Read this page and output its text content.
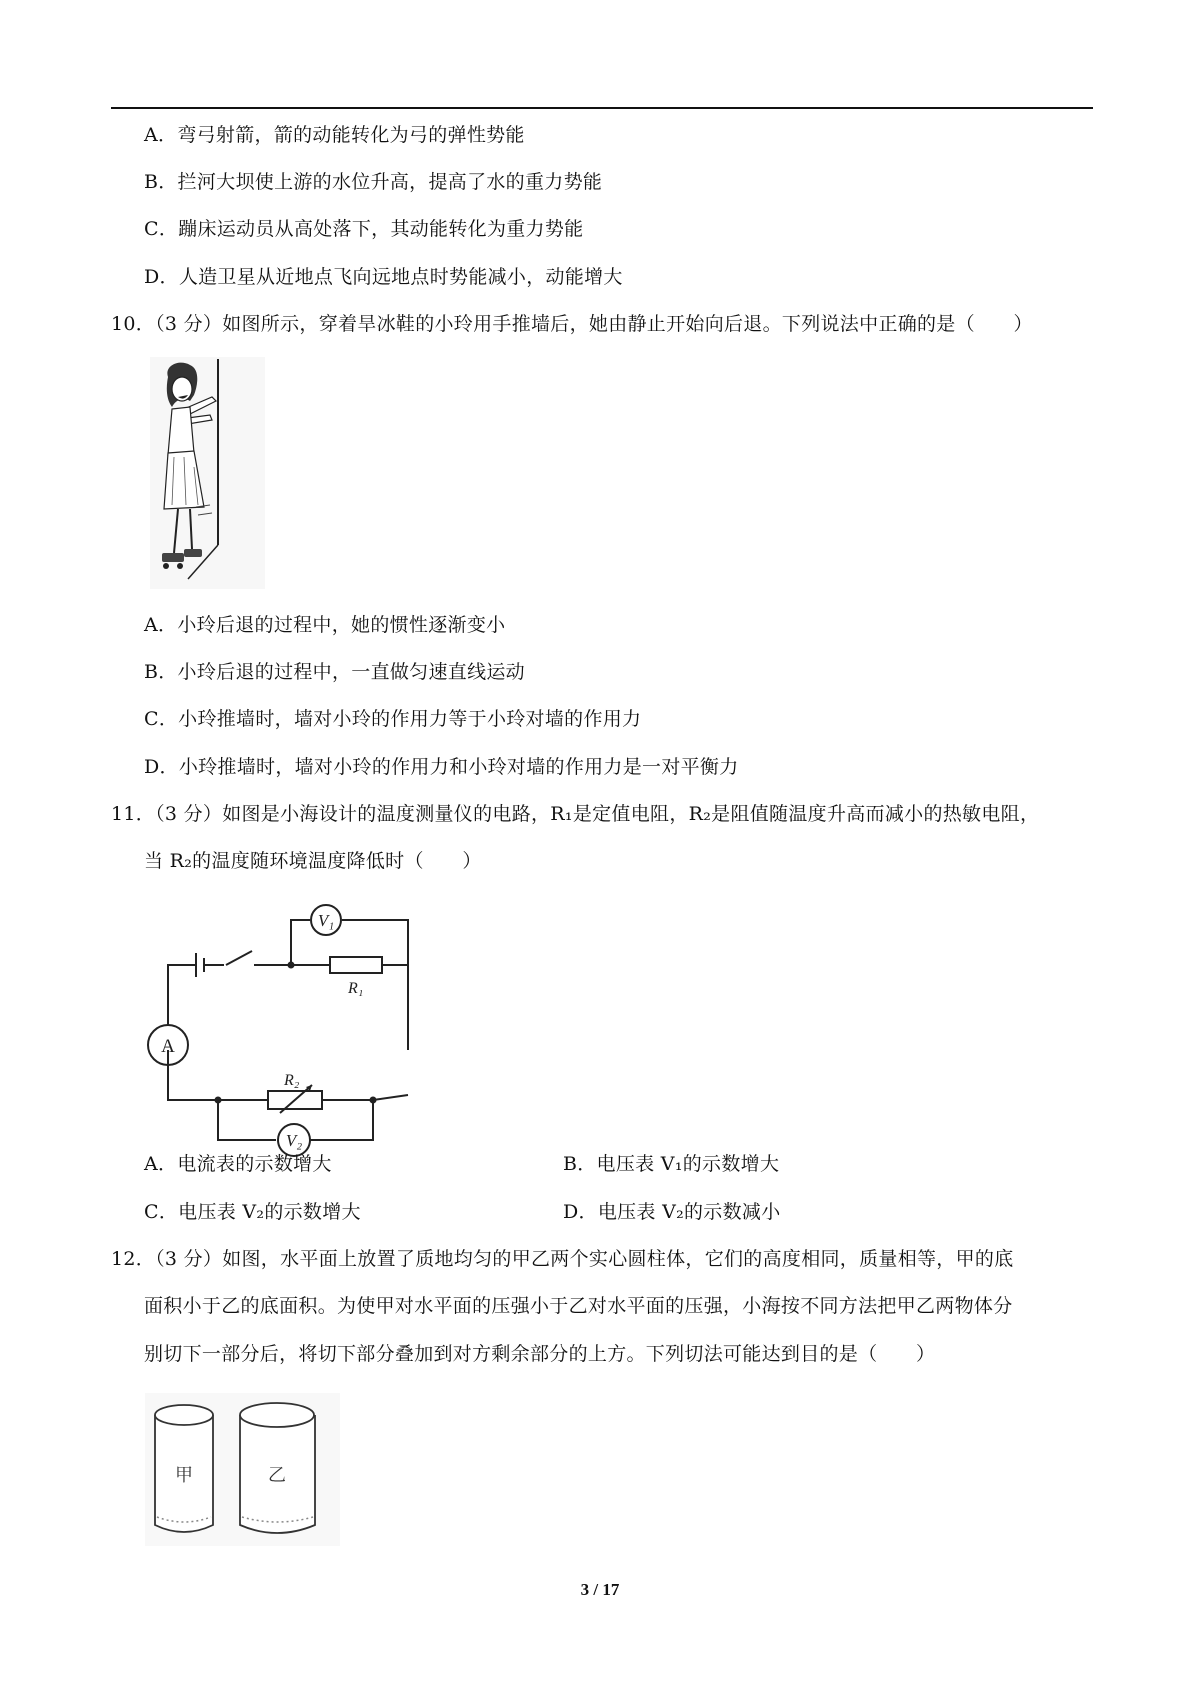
A．弯弓射箭，箭的动能转化为弓的弹性势能
B．拦河大坝使上游的水位升高，提高了水的重力势能
C．蹦床运动员从高处落下，其动能转化为重力势能
D．人造卫星从近地点飞向远地点时势能减小，动能增大
10．（3 分）如图所示，穿着旱冰鞋的小玲用手推墙后，她由静止开始向后退。下列说法中正确的是（　　）
A．小玲后退的过程中，她的惯性逐渐变小
B．小玲后退的过程中，一直做匀速直线运动
C．小玲推墙时，墙对小玲的作用力等于小玲对墙的作用力
D．小玲推墙时，墙对小玲的作用力和小玲对墙的作用力是一对平衡力
11．（3 分）如图是小海设计的温度测量仪的电路，R₁是定值电阻，R₂是阻值随温度升高而减小的热敏电阻，
当 R₂的温度随环境温度降低时（　　）
V₁
R₁
A
R₂
V₂
A．电流表的示数增大	B．电压表 V₁的示数增大
C．电压表 V₂的示数增大	D．电压表 V₂的示数减小
12．（3 分）如图，水平面上放置了质地均匀的甲乙两个实心圆柱体，它们的高度相同，质量相等，甲的底
面积小于乙的底面积。为使甲对水平面的压强小于乙对水平面的压强，小海按不同方法把甲乙两物体分
别切下一部分后，将切下部分叠加到对方剩余部分的上方。下列切法可能达到目的是（　　）
甲	乙
3 / 17
